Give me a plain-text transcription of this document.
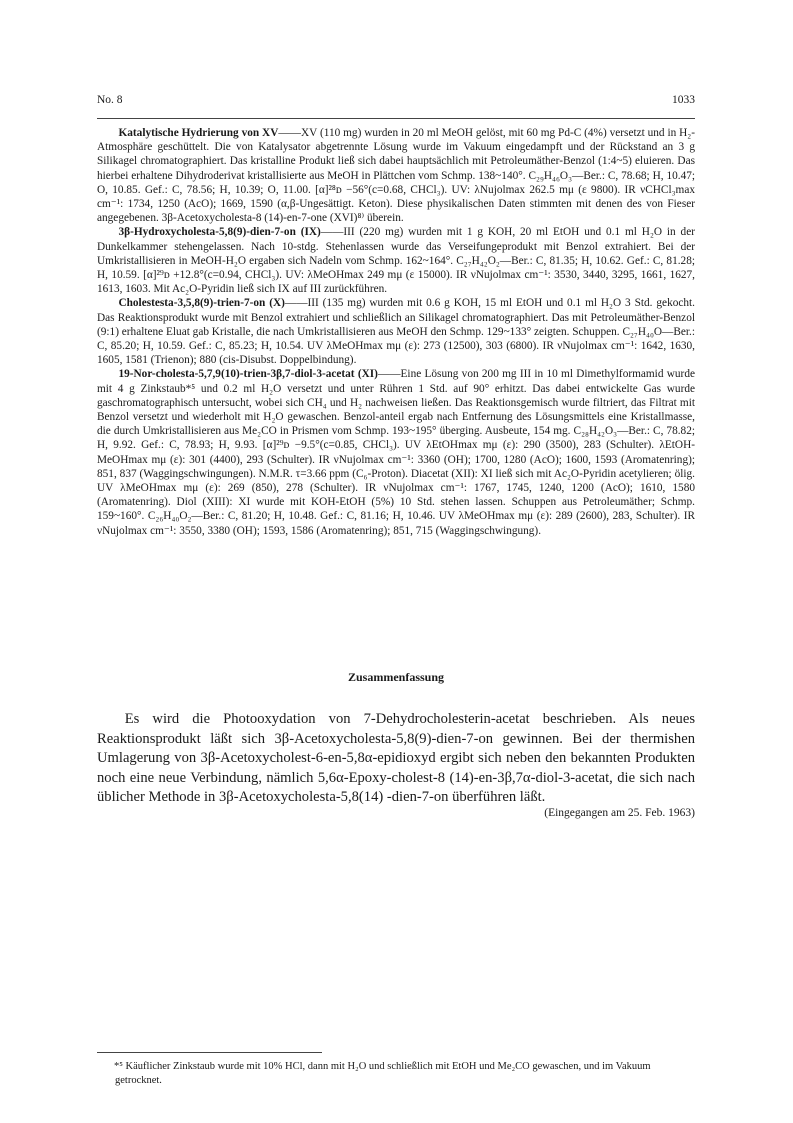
No. 8	1033

Katalytische Hydrierung von XV——XV (110 mg) wurden in 20 ml MeOH gelöst, mit 60 mg Pd-C (4%) versetzt und in H₂-Atmosphäre geschüttelt. Die von Katalysator abgetrennte Lösung wurde im Vakuum eingedampft und der Rückstand an 3 g Silikagel chromatographiert. Das kristalline Produkt ließ sich dabei hauptsächlich mit Petroleumäther-Benzol (1:4~5) eluieren. Das hierbei erhaltene Dihydroderivat kristallisierte aus MeOH in Plättchen vom Schmp. 138~140°. C₂₉H₄₆O₃—Ber.: C, 78.68; H, 10.47; O, 10.85. Gef.: C, 78.56; H, 10.39; O, 11.00. [α]²⁸ᴅ −56°(c=0.68, CHCl₃). UV: λNujolmax 262.5 mμ (ε 9800). IR νCHCl₃max cm⁻¹: 1734, 1250 (AcO); 1669, 1590 (α,β-Ungesättigt. Keton). Diese physikalischen Daten stimmten mit denen des von Fieser angegebenen. 3β-Acetoxycholesta-8 (14)-en-7-one (XVI)⁸⁾ überein.

3β-Hydroxycholesta-5,8(9)-dien-7-on (IX)——III (220 mg) wurden mit 1 g KOH, 20 ml EtOH und 0.1 ml H₂O in der Dunkelkammer stehengelassen. Nach 10-stdg. Stehenlassen wurde das Verseifungeprodukt mit Benzol extrahiert. Bei der Umkristallisieren in MeOH-H₂O ergaben sich Nadeln vom Schmp. 162~164°. C₂₇H₄₂O₂—Ber.: C, 81.35; H, 10.62. Gef.: C, 81.28; H, 10.59. [α]²⁹ᴅ +12.8°(c=0.94, CHCl₃). UV: λMeOHmax 249 mμ (ε 15000). IR νNujolmax cm⁻¹: 3530, 3440, 3295, 1661, 1627, 1613, 1603. Mit Ac₂O-Pyridin ließ sich IX auf III zurückführen.

Cholestesta-3,5,8(9)-trien-7-on (X)——III (135 mg) wurden mit 0.6 g KOH, 15 ml EtOH und 0.1 ml H₂O 3 Std. gekocht. Das Reaktionsprodukt wurde mit Benzol extrahiert und schließlich an Silikagel chromatographiert. Das mit Petroleumäther-Benzol (9:1) erhaltene Eluat gab Kristalle, die nach Umkristallisieren aus MeOH den Schmp. 129~133° zeigten. Schuppen. C₂₇H₄₀O—Ber.: C, 85.20; H, 10.59. Gef.: C, 85.23; H, 10.54. UV λMeOHmax mμ (ε): 273 (12500), 303 (6800). IR νNujolmax cm⁻¹: 1642, 1630, 1605, 1581 (Trienon); 880 (cis-Disubst. Doppelbindung).

19-Nor-cholesta-5,7,9(10)-trien-3β,7-diol-3-acetat (XI)——Eine Lösung von 200 mg III in 10 ml Dimethylformamid wurde mit 4 g Zinkstaub*⁵ und 0.2 ml H₂O versetzt und unter Rühren 1 Std. auf 90° erhitzt. Das dabei entwickelte Gas wurde gaschromatographisch untersucht, wobei sich CH₄ und H₂ nachweisen ließen. Das Reaktionsgemisch wurde filtriert, das Filtrat mit Benzol versetzt und wiederholt mit H₂O gewaschen. Benzol-anteil ergab nach Entfernung des Lösungsmittels eine Kristallmasse, die durch Umkristallisieren aus Me₂CO in Prismen vom Schmp. 193~195° überging. Ausbeute, 154 mg. C₂₈H₄₂O₃—Ber.: C, 78.82; H, 9.92. Gef.: C, 78.93; H, 9.93. [α]²⁹ᴅ −9.5°(c=0.85, CHCl₃). UV λEtOHmax mμ (ε): 290 (3500), 283 (Schulter). λEtOH-MeOHmax mμ (ε): 301 (4400), 293 (Schulter). IR νNujolmax cm⁻¹: 3360 (OH); 1700, 1280 (AcO); 1600, 1593 (Aromatenring); 851, 837 (Waggingschwingungen). N.M.R. τ=3.66 ppm (C₆-Proton). Diacetat (XII): XI ließ sich mit Ac₂O-Pyridin acetylieren; ölig. UV λMeOHmax mμ (ε): 269 (850), 278 (Schulter). IR νNujolmax cm⁻¹: 1767, 1745, 1240, 1200 (AcO); 1610, 1580 (Aromatenring). Diol (XIII): XI wurde mit KOH-EtOH (5%) 10 Std. stehen lassen. Schuppen aus Petroleumäther; Schmp. 159~160°. C₂₆H₄₀O₂—Ber.: C, 81.20; H, 10.48. Gef.: C, 81.16; H, 10.46. UV λMeOHmax mμ (ε): 289 (2600), 283, Schulter). IR νNujolmax cm⁻¹: 3550, 3380 (OH); 1593, 1586 (Aromatenring); 851, 715 (Waggingschwingung).

Zusammenfassung

Es wird die Photooxydation von 7-Dehydrocholesterin-acetat beschrieben. Als neues Reaktionsprodukt läßt sich 3β-Acetoxycholesta-5,8(9)-dien-7-on gewinnen. Bei der thermishen Umlagerung von 3β-Acetoxycholest-6-en-5,8α-epidioxyd ergibt sich neben den bekannten Produkten noch eine neue Verbindung, nämlich 5,6α-Epoxy-cholest-8 (14)-en-3β,7α-diol-3-acetat, die sich nach üblicher Methode in 3β-Acetoxycholesta-5,8(14) -dien-7-on überführen läßt.

(Eingegangen am 25. Feb. 1963)

*⁵ Käuflicher Zinkstaub wurde mit 10% HCl, dann mit H₂O und schließlich mit EtOH und Me₂CO gewaschen, und im Vakuum getrocknet.
